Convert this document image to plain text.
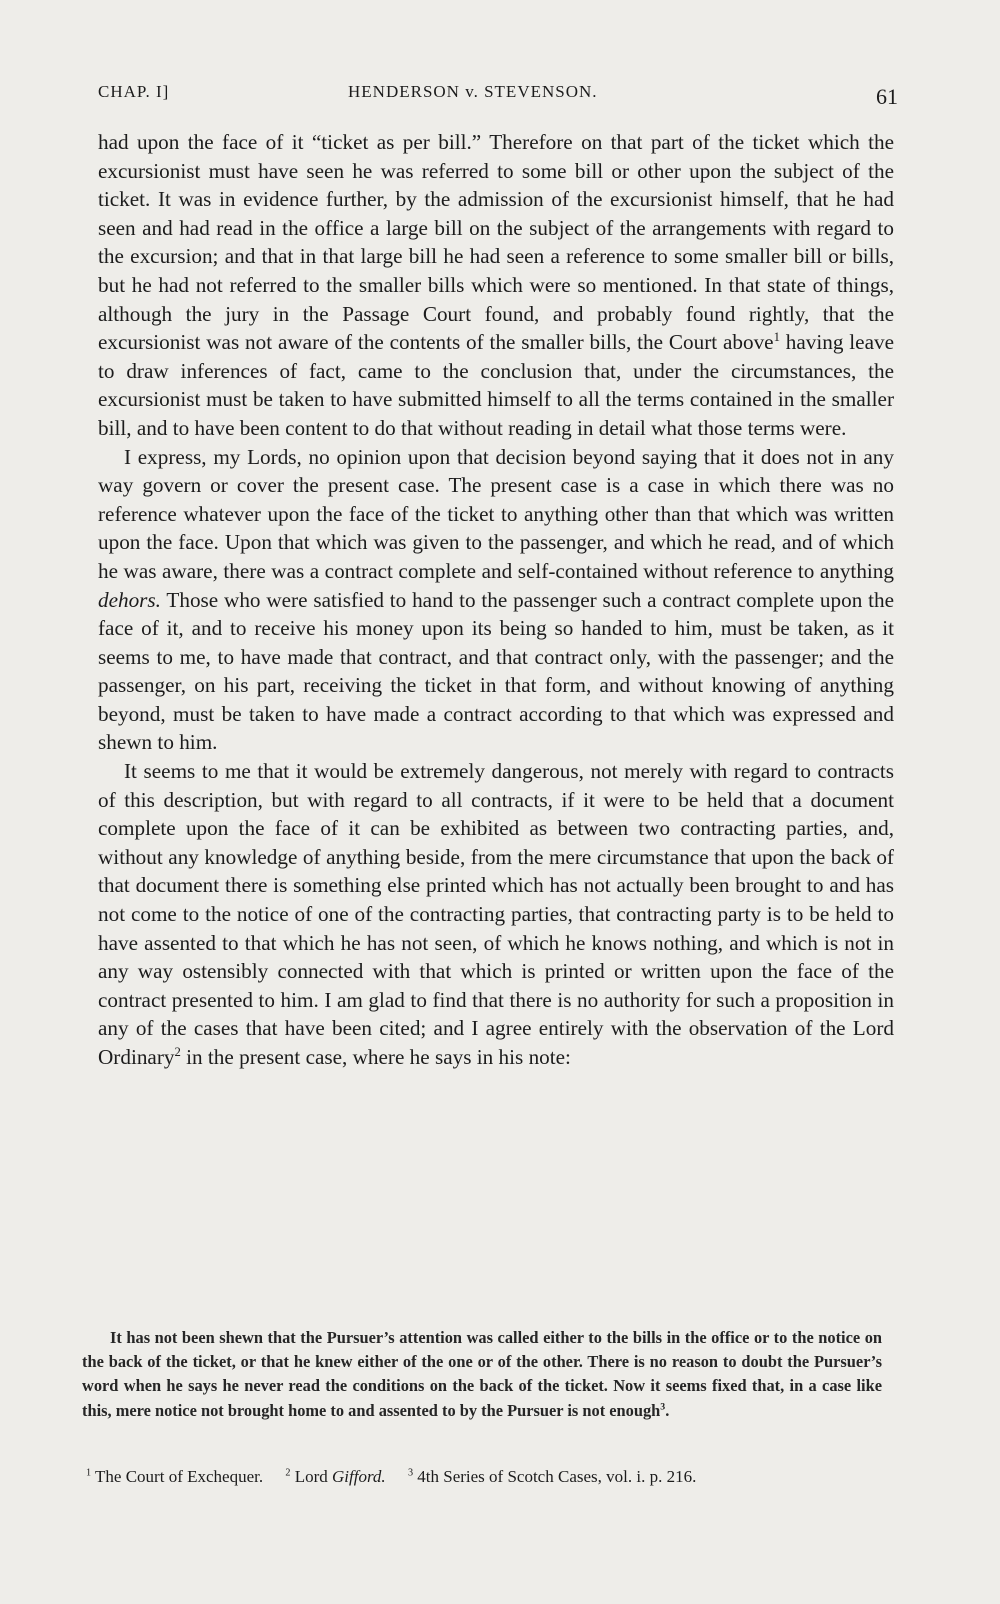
CHAP. I]	HENDERSON v. STEVENSON.	61

had upon the face of it “ticket as per bill.” Therefore on that part of the ticket which the excursionist must have seen he was referred to some bill or other upon the subject of the ticket. It was in evidence further, by the admission of the excursionist himself, that he had seen and had read in the office a large bill on the subject of the arrangements with regard to the excursion; and that in that large bill he had seen a reference to some smaller bill or bills, but he had not referred to the smaller bills which were so mentioned. In that state of things, although the jury in the Passage Court found, and probably found rightly, that the excursionist was not aware of the contents of the smaller bills, the Court above$^1$ having leave to draw inferences of fact, came to the conclusion that, under the circumstances, the excursionist must be taken to have submitted himself to all the terms contained in the smaller bill, and to have been content to do that without reading in detail what those terms were.

I express, my Lords, no opinion upon that decision beyond saying that it does not in any way govern or cover the present case. The present case is a case in which there was no reference whatever upon the face of the ticket to anything other than that which was written upon the face. Upon that which was given to the passenger, and which he read, and of which he was aware, there was a contract complete and self-contained without reference to anything dehors. Those who were satisfied to hand to the passenger such a contract complete upon the face of it, and to receive his money upon its being so handed to him, must be taken, as it seems to me, to have made that contract, and that contract only, with the passenger; and the passenger, on his part, receiving the ticket in that form, and without knowing of anything beyond, must be taken to have made a contract according to that which was expressed and shewn to him.

It seems to me that it would be extremely dangerous, not merely with regard to contracts of this description, but with regard to all contracts, if it were to be held that a document complete upon the face of it can be exhibited as between two contracting parties, and, without any knowledge of anything beside, from the mere circumstance that upon the back of that document there is something else printed which has not actually been brought to and has not come to the notice of one of the contracting parties, that contracting party is to be held to have assented to that which he has not seen, of which he knows nothing, and which is not in any way ostensibly connected with that which is printed or written upon the face of the contract presented to him. I am glad to find that there is no authority for such a proposition in any of the cases that have been cited; and I agree entirely with the observation of the Lord Ordinary$^2$ in the present case, where he says in his note:

It has not been shewn that the Pursuer’s attention was called either to the bills in the office or to the notice on the back of the ticket, or that he knew either of the one or of the other. There is no reason to doubt the Pursuer’s word when he says he never read the conditions on the back of the ticket. Now it seems fixed that, in a case like this, mere notice not brought home to and assented to by the Pursuer is not enough$^3$.
$^1$ The Court of Exchequer. $^2$ Lord Gifford. $^3$ 4th Series of Scotch Cases, vol. i. p. 216.
